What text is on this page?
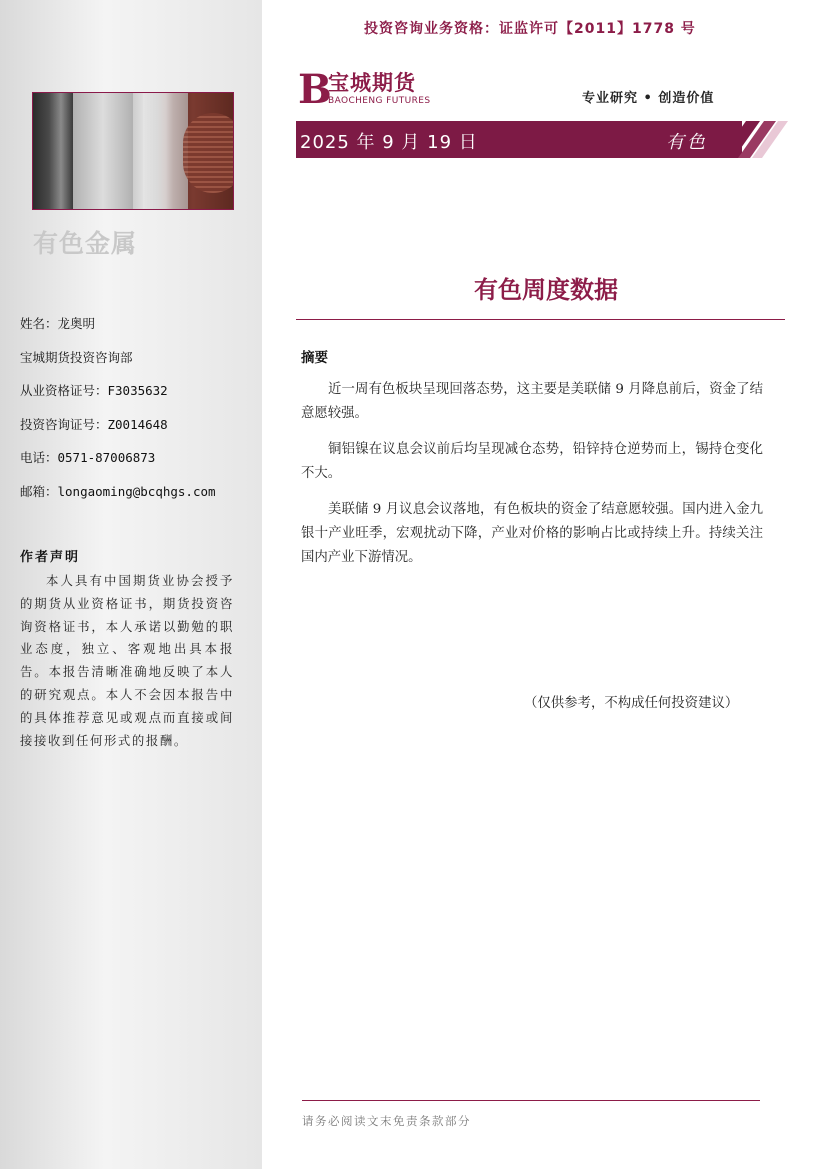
有色金属
姓名：龙奥明
宝城期货投资咨询部
从业资格证号：F3035632
投资咨询证号：Z0014648
电话：0571-87006873
邮箱：longaoming@bcqhgs.com
作者声明
本人具有中国期货业协会授予的期货从业资格证书，期货投资咨询资格证书，本人承诺以勤勉的职业态度，独立、客观地出具本报告。本报告清晰准确地反映了本人的研究观点。本人不会因本报告中的具体推荐意见或观点而直接或间接接收到任何形式的报酬。
投资咨询业务资格：证监许可【2011】1778 号
B
宝城期货
BAOCHENG FUTURES	专业研究 • 创造价值
2025 年 9 月 19 日	有色
有色周度数据
摘要
近一周有色板块呈现回落态势，这主要是美联储 9 月降息前后，资金了结意愿较强。
铜铝镍在议息会议前后均呈现减仓态势，铅锌持仓逆势而上，锡持仓变化不大。
美联储 9 月议息会议落地，有色板块的资金了结意愿较强。国内进入金九银十产业旺季，宏观扰动下降，产业对价格的影响占比或持续上升。持续关注国内产业下游情况。
（仅供参考，不构成任何投资建议）
请务必阅读文末免责条款部分
